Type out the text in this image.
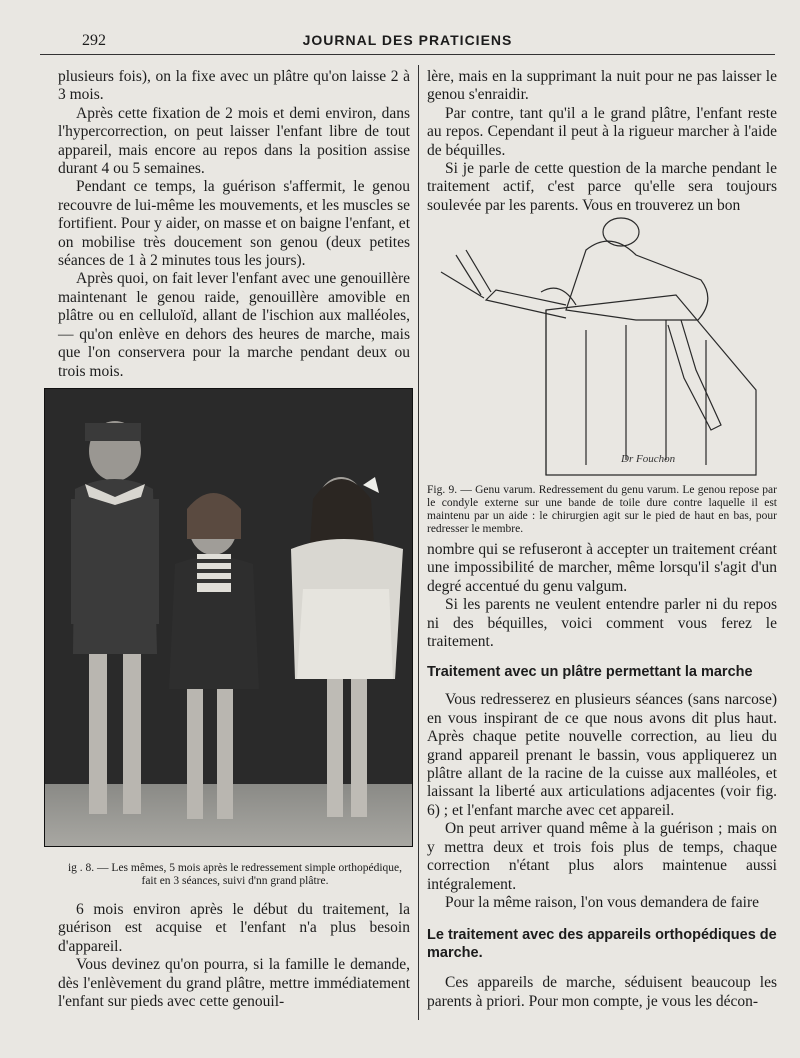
292	JOURNAL DES PRATICIENS

plusieurs fois), on la fixe avec un plâtre qu'on laisse 2 à 3 mois.

Après cette fixation de 2 mois et demi environ, dans l'hypercorrection, on peut laisser l'enfant libre de tout appareil, mais encore au repos dans la position assise durant 4 ou 5 semaines.

Pendant ce temps, la guérison s'affermit, le genou recouvre de lui-même les mouvements, et les muscles se fortifient. Pour y aider, on masse et on baigne l'enfant, et on mobilise très doucement son genou (deux petites séances de 1 à 2 minutes tous les jours).

Après quoi, on fait lever l'enfant avec une genouillère maintenant le genou raide, genouillère amovible en plâtre ou en celluloïd, allant de l'ischion aux malléoles, — qu'on enlève en dehors des heures de marche, mais que l'on conservera pour la marche pendant deux ou trois mois.

ig . 8. — Les mêmes, 5 mois après le redressement simple orthopédique, fait en 3 séances, suivi d'nn grand plâtre.

6 mois environ après le début du traitement, la guérison est acquise et l'enfant n'a plus besoin d'appareil.

Vous devinez qu'on pourra, si la famille le demande, dès l'enlèvement du grand plâtre, mettre immédiatement l'enfant sur pieds avec cette genouil-

lère, mais en la supprimant la nuit pour ne pas laisser le genou s'enraidir.

Par contre, tant qu'il a le grand plâtre, l'enfant reste au repos. Cependant il peut à la rigueur marcher à l'aide de béquilles.

Si je parle de cette question de la marche pendant le traitement actif, c'est parce qu'elle sera toujours soulevée par les parents. Vous en trouverez un bon

Dr Fouchon

Fig. 9. — Genu varum. Redressement du genu varum. Le genou repose par le condyle externe sur une bande de toile dure contre laquelle il est maintenu par un aide : le chirurgien agit sur le pied de haut en bas, pour redresser le membre.

nombre qui se refuseront à accepter un traitement créant une impossibilité de marcher, même lorsqu'il s'agit d'un degré accentué du genu valgum.

Si les parents ne veulent entendre parler ni du repos ni des béquilles, voici comment vous ferez le traitement.

Traitement avec un plâtre permettant la marche

Vous redresserez en plusieurs séances (sans narcose) en vous inspirant de ce que nous avons dit plus haut. Après chaque petite nouvelle correction, au lieu du grand appareil prenant le bassin, vous appliquerez un plâtre allant de la racine de la cuisse aux malléoles, et laissant la liberté aux articulations adjacentes (voir fig. 6) ; et l'enfant marche avec cet appareil.

On peut arriver quand même à la guérison ; mais on y mettra deux et trois fois plus de temps, chaque correction n'étant plus alors maintenue aussi intégralement.

Pour la même raison, l'on vous demandera de faire

Le traitement avec des appareils orthopédiques de marche.

Ces appareils de marche, séduisent beaucoup les parents à priori. Pour mon compte, je vous les décon-
